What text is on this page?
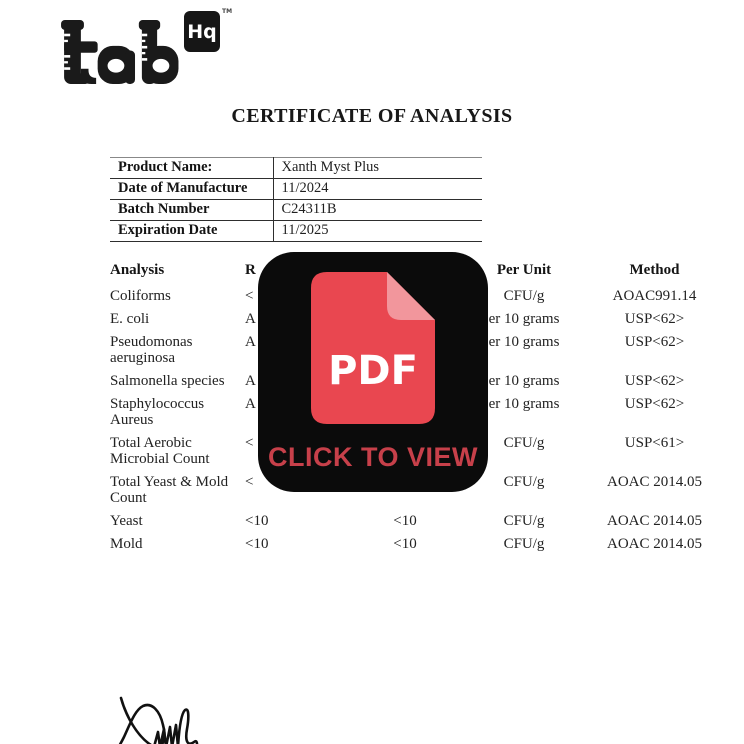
Hq
TM
CERTIFICATE OF ANALYSIS
Product Name:	Xanth Myst Plus
Date of Manufacture	11/2024
Batch Number	C24311B
Expiration Date	11/2025
Analysis	R		Per Unit	Method
Coliforms	<		CFU/g	AOAC991.14
E. coli	A		er 10 grams	USP<62>
Pseudomonas aeruginosa	A		er 10 grams	USP<62>
Salmonella species	A		er 10 grams	USP<62>
Staphylococcus Aureus	A		er 10 grams	USP<62>
Total Aerobic Microbial Count	<		CFU/g	USP<61>
Total Yeast & Mold Count	<		CFU/g	AOAC 2014.05
Yeast	<10	<10	CFU/g	AOAC 2014.05
Mold	<10	<10	CFU/g	AOAC 2014.05
PDF
CLICK TO VIEW
